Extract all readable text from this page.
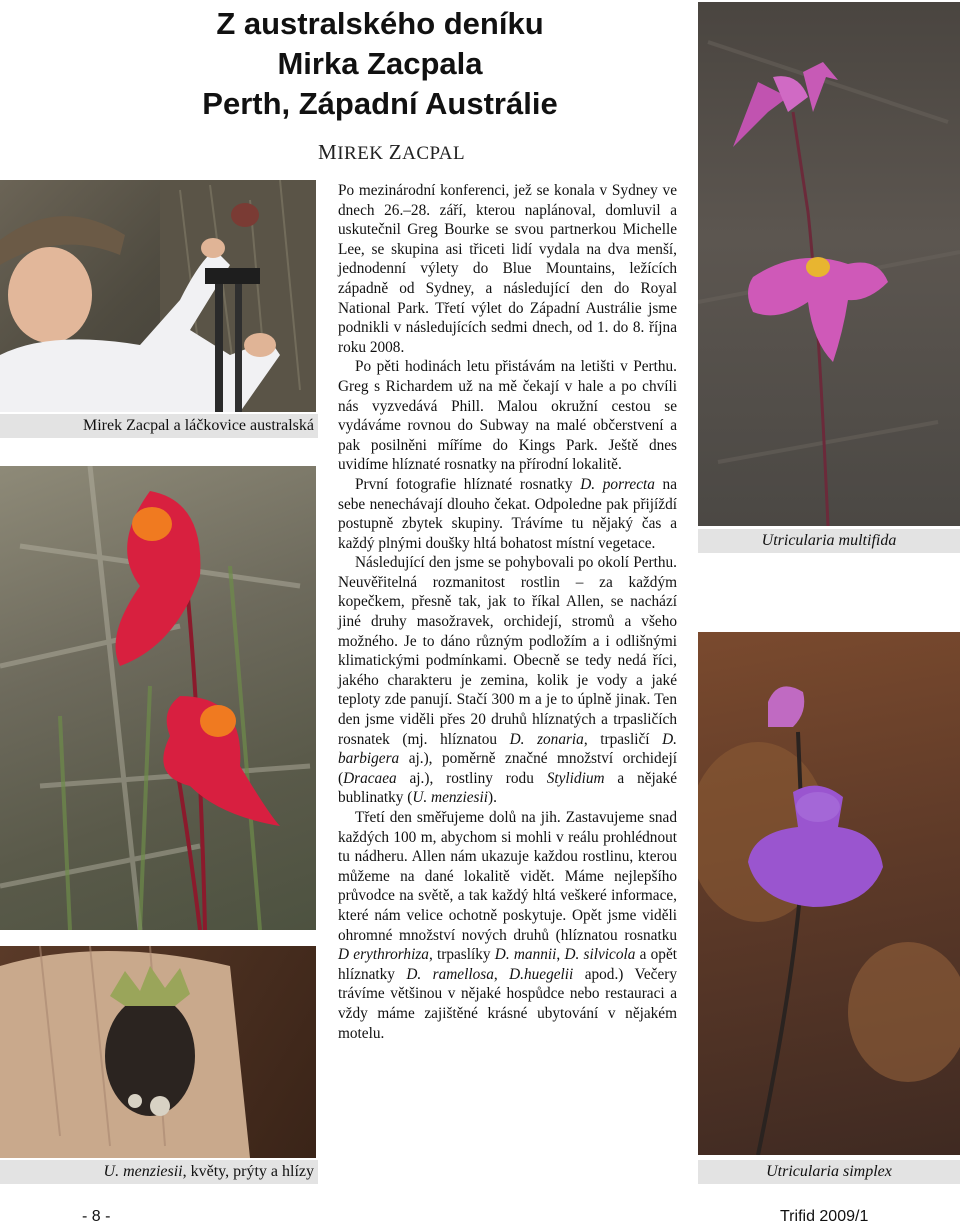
Z australského deníku
Mirka Zacpala
Perth, Západní Austrálie
MIREK ZACPAL
Mirek Zacpal a láčkovice australská
U. menziesii, květy, prýty a hlízy

Po mezinárodní konferenci, jež se konala v Sydney ve dnech 26.–28. září, kterou naplánoval, domluvil a uskutečnil Greg Bourke se svou partnerkou Michelle Lee, se skupina asi třiceti lidí vydala na dva menší, jednodenní výlety do Blue Mountains, ležících západně od Sydney, a následující den do Royal National Park. Třetí výlet do Západní Austrálie jsme podnikli v následujících sedmi dnech, od 1. do 8. října roku 2008.

Po pěti hodinách letu přistávám na letišti v Perthu. Greg s Richardem už na mě čekají v hale a po chvíli nás vyzvedává Phill. Malou okružní cestou se vydáváme rovnou do Subway na malé občerstvení a pak posilněni míříme do Kings Park. Ještě dnes uvidíme hlíznaté rosnatky na přírodní lokalitě.

První fotografie hlíznaté rosnatky D. porrecta na sebe nenechávají dlouho čekat. Odpoledne pak přijíždí postupně zbytek skupiny. Trávíme tu nějaký čas a každý plnými doušky hltá bohatost místní vegetace.

Následující den jsme se pohybovali po okolí Perthu. Neuvěřitelná rozmanitost rostlin – za každým kopečkem, přesně tak, jak to říkal Allen, se nachází jiné druhy masožravek, orchidejí, stromů a všeho možného. Je to dáno různým podložím a i odlišnými klimatickými podmínkami. Obecně se tedy nedá říci, jakého charakteru je zemina, kolik je vody a jaké teploty zde panují. Stačí 300 m a je to úplně jinak. Ten den jsme viděli přes 20 druhů hlíznatých a trpasličích rosnatek (mj. hlíznatou D. zonaria, trpasličí D. barbigera aj.), poměrně značné množství orchidejí (Dracaea aj.), rostliny rodu Stylidium a nějaké bublinatky (U. menziesii).

Třetí den směřujeme dolů na jih. Zastavujeme snad každých 100 m, abychom si mohli v reálu prohlédnout tu nádheru. Allen nám ukazuje každou rostlinu, kterou můžeme na dané lokalitě vidět. Máme nejlepšího průvodce na světě, a tak každý hltá veškeré informace, které nám velice ochotně poskytuje. Opět jsme viděli ohromné množství nových druhů (hlíznatou rosnatku D erythrorhiza, trpaslíky D. mannii, D. silvicola a opět hlíznatky D. ramellosa, D.huegelii apod.) Večery trávíme většinou v nějaké hospůdce nebo restauraci a vždy máme zajištěné krásné ubytování v nějakém motelu.

Utricularia multifida
Utricularia simplex
- 8 -	Trifid 2009/1
